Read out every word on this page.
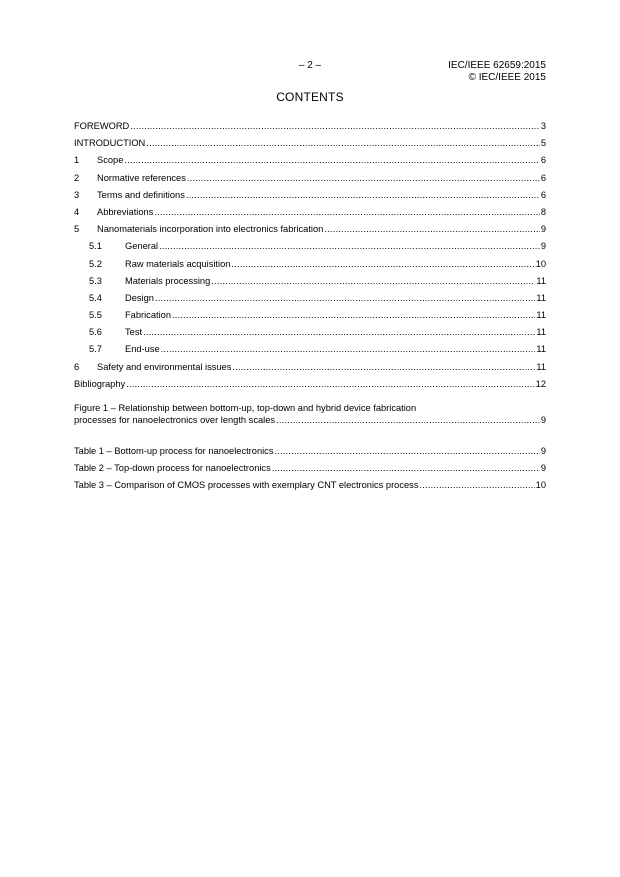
– 2 –	IEC/IEEE 62659:2015
© IEC/IEEE 2015
CONTENTS
FOREWORD .....	3
INTRODUCTION .....	5
1	Scope .....	6
2	Normative references .....	6
3	Terms and definitions .....	6
4	Abbreviations .....	8
5	Nanomaterials incorporation into electronics fabrication .....	9
5.1	General .....	9
5.2	Raw materials acquisition .....	10
5.3	Materials processing .....	11
5.4	Design .....	11
5.5	Fabrication .....	11
5.6	Test .....	11
5.7	End-use .....	11
6	Safety and environmental issues .....	11
Bibliography .....	12
Figure 1 – Relationship between bottom-up, top-down and hybrid device fabrication
processes for nanoelectronics over length scales .....	9
Table 1 – Bottom-up process for nanoelectronics .....	9
Table 2 – Top-down process for nanoelectronics .....	9
Table 3 – Comparison of CMOS processes with exemplary CNT electronics process .....	10
